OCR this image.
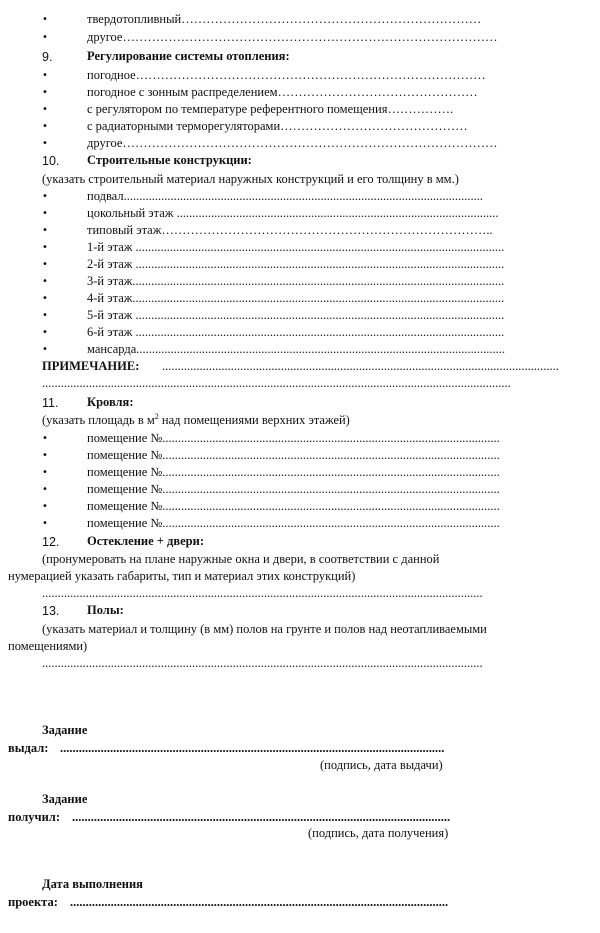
•	твердотопливный………………………………………………………………
•	другое………………………………………………………………………………
9.	Регулирование системы отопления:
•	погодное…………………………………………………………………………
•	погодное с зонным распределением…………………………………………
•	с регулятором по температуре референтного помещения…………….
•	с радиаторными терморегуляторами………………………………………
•	другое………………………………………………………………………………
10. Строительные конструкции:
(указать строительный материал наружных конструкций и его толщину в мм.)
•	подвал...................................................................................................................
•	цокольный этаж .......................................................................................................
•	типовый этаж……………………………………………………………………..
•	1-й этаж ......................................................................................................................
•	2-й этаж ......................................................................................................................
•	3-й этаж.......................................................................................................................
•	4-й этаж.......................................................................................................................
•	5-й этаж ......................................................................................................................
•	6-й этаж ......................................................................................................................
•	мансарда......................................................................................................................
ПРИМЕЧАНИЕ: ...............................................................................................................................
......................................................................................................................................................
11. Кровля:
(указать площадь в $м^2$ над помещениями верхних этажей)
•	помещение №............................................................................................................
•	помещение №............................................................................................................
•	помещение №............................................................................................................
•	помещение №............................................................................................................
•	помещение №............................................................................................................
•	помещение №............................................................................................................
12. Остекление + двери:
(пронумеровать на плане наружные окна и двери, в соответствии с данной
нумерацией указать габариты, тип и материал этих конструкций)
.............................................................................................................................................
13. Полы:
(указать материал и толщину (в мм) полов на грунте и полов над неотапливаемыми
помещениями)
.............................................................................................................................................
Задание
выдал: ...........................................................................................................................
(подпись, дата выдачи)
Задание
получил: .........................................................................................................................
(подпись, дата получения)
Дата выполнения
проекта: .........................................................................................................................
